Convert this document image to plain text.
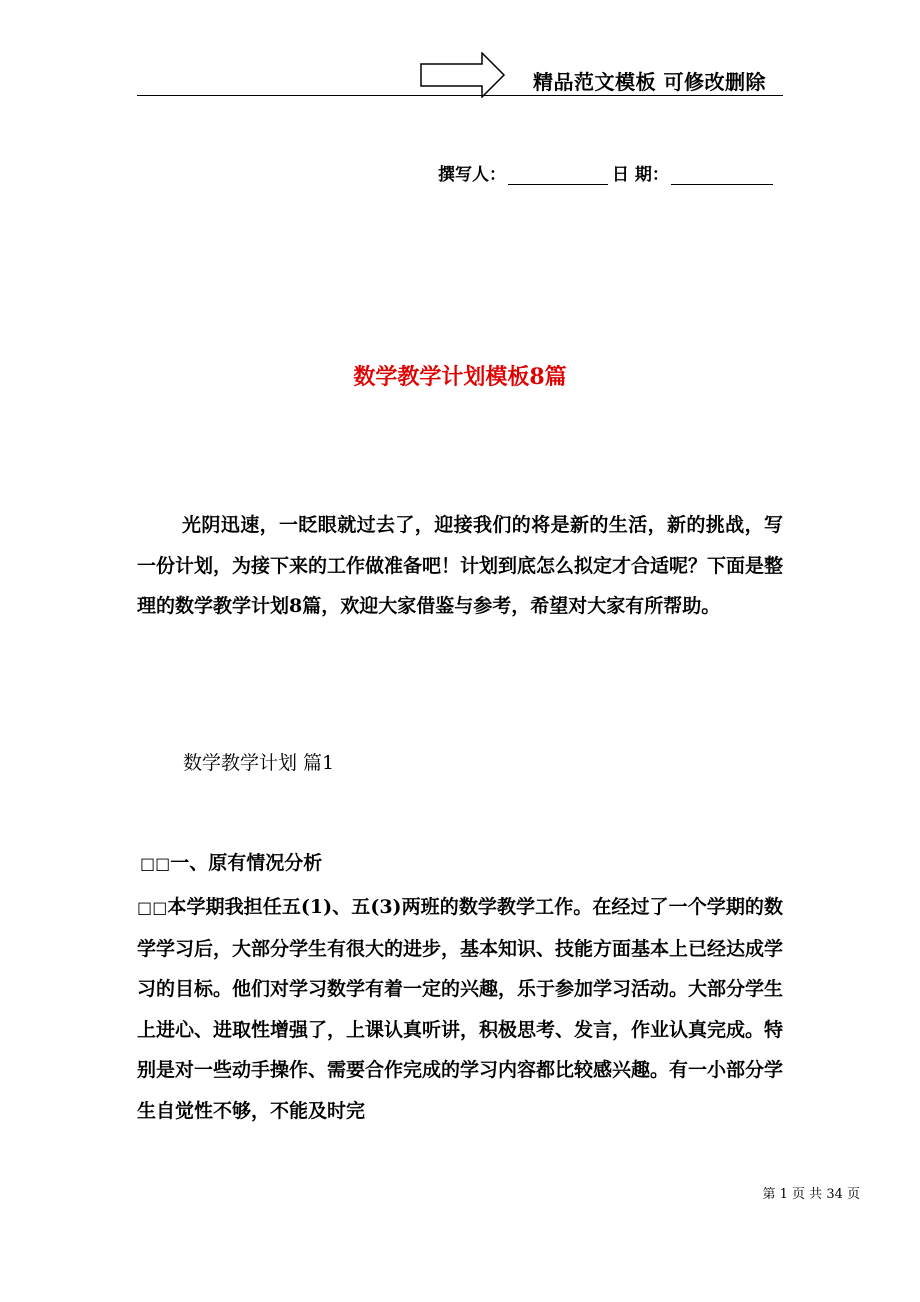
精品范文模板 可修改删除
撰写人：	日 期：
数学教学计划模板8篇

光阴迅速，一眨眼就过去了，迎接我们的将是新的生活，新的挑战，写一份计划，为接下来的工作做准备吧！计划到底怎么拟定才合适呢？下面是整理的数学教学计划8篇，欢迎大家借鉴与参考，希望对大家有所帮助。

数学教学计划 篇1
□□一、原有情况分析

□□本学期我担任五(1)、五(3)两班的数学教学工作。在经过了一个学期的数学学习后，大部分学生有很大的进步，基本知识、技能方面基本上已经达成学习的目标。他们对学习数学有着一定的兴趣，乐于参加学习活动。大部分学生上进心、进取性增强了，上课认真听讲，积极思考、发言，作业认真完成。特别是对一些动手操作、需要合作完成的学习内容都比较感兴趣。有一小部分学生自觉性不够，不能及时完

第 1 页 共 34 页
